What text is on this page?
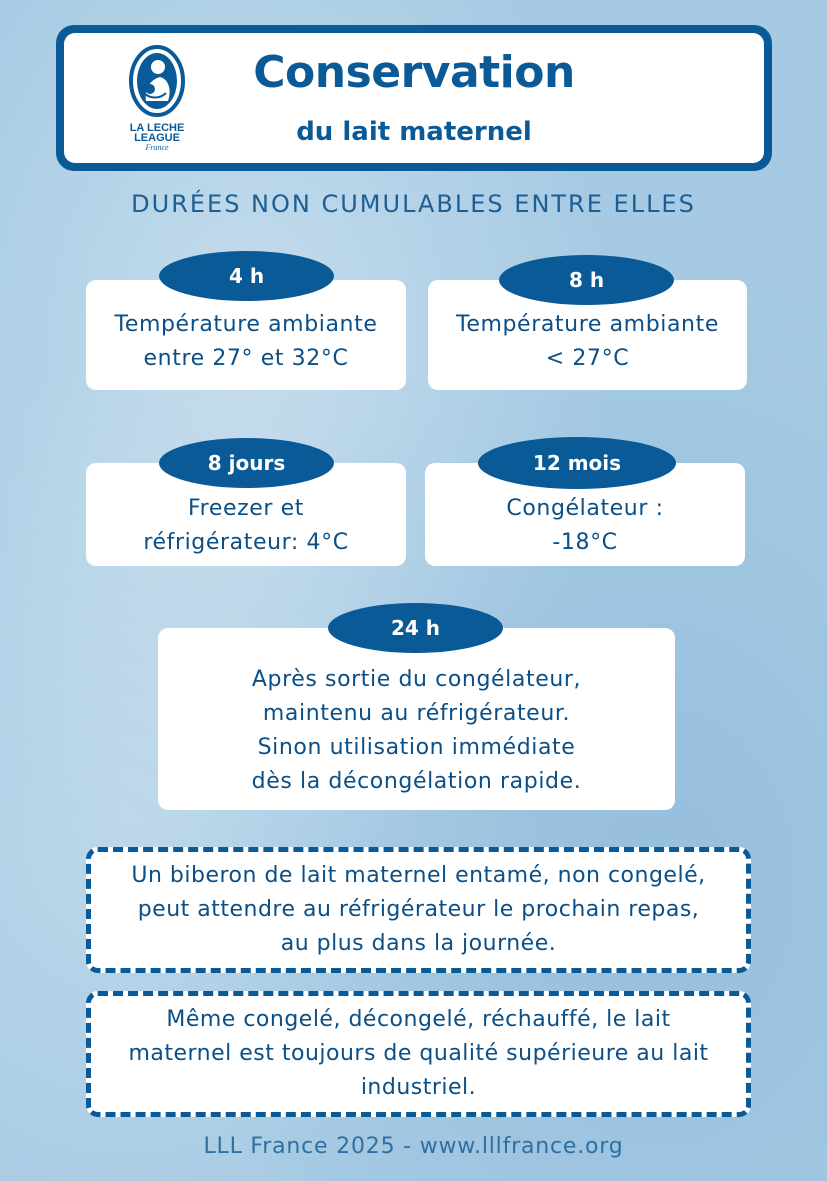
LA LECHE
LEAGUE
France
Conservation
du lait maternel
DURÉES NON CUMULABLES ENTRE ELLES
Température ambiante
entre 27° et 32°C
4 h
Température ambiante
< 27°C
8 h
Freezer et
réfrigérateur: 4°C
8 jours
Congélateur :
-18°C
12 mois
Après sortie du congélateur,
maintenu au réfrigérateur.
Sinon utilisation immédiate
dès la décongélation rapide.
24 h
Un biberon de lait maternel entamé, non congelé,
peut attendre au réfrigérateur le prochain repas,
au plus dans la journée.
Même congelé, décongelé, réchauffé, le lait
maternel est toujours de qualité supérieure au lait
industriel.
LLL France 2025 - www.lllfrance.org
